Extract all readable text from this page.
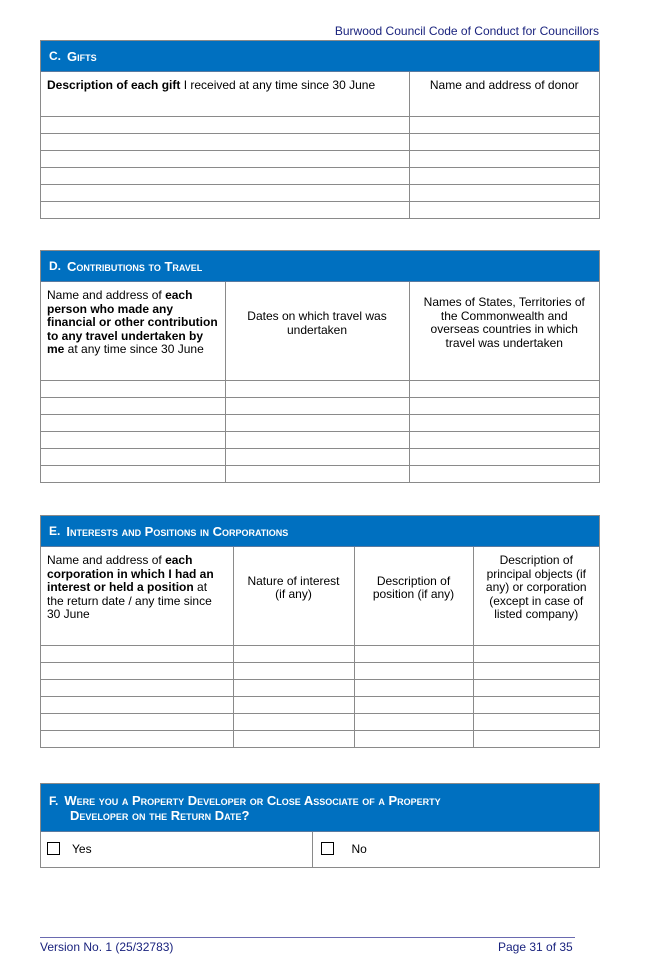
Burwood Council Code of Conduct for Councillors
C. Gifts
Description of each gift I received at any time since 30 June	Name and address of donor

D. Contributions to Travel
Name and address of each person who made any financial or other contribution to any travel undertaken by me at any time since 30 June	Dates on which travel was undertaken	Names of States, Territories of the Commonwealth and overseas countries in which travel was undertaken

E. Interests and Positions in Corporations
Name and address of each corporation in which I had an interest or held a position at the return date / any time since 30 June	Nature of interest (if any)	Description of position (if any)	Description of principal objects (if any) or corporation (except in case of listed company)

F. Were you a Property Developer or Close Associate of a Property
Developer on the Return Date?
Yes	No
Version No. 1 (25/32783)	Page 31 of 35
